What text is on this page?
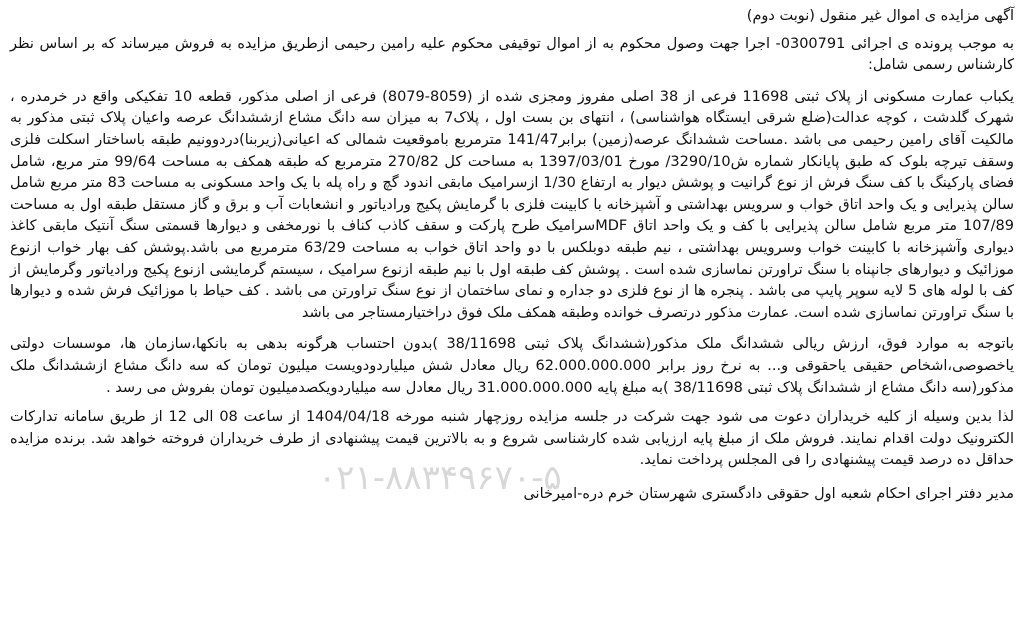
آگهی مزایده ی اموال غیر منقول (نوبت دوم)

به موجب پرونده ی اجرائی 0300791- اجرا جهت وصول محکوم به از اموال توقیفی محکوم علیه رامین رحیمی ازطریق مزایده به فروش میرساند که بر اساس نظر کارشناس رسمی شامل:

یکباب عمارت مسکونی از پلاک ثبتی 11698 فرعی از 38 اصلی مفروز ومجزی شده از (8059-8079) فرعی از اصلی مذکور، قطعه 10 تفکیکی واقع در خرمدره ، شهرک گلدشت ، کوچه عدالت(ضلع شرقی ایستگاه هواشناسی) ، انتهای بن بست اول ، پلاک7 به میزان سه دانگ مشاع ازششدانگ عرصه واعیان پلاک ثبتی مذکور به مالکیت آقای رامین رحیمی می باشد .مساحت ششدانگ عرصه(زمین) برابر141/47 مترمربع باموقعیت شمالی که اعیانی(زیربنا)دردوونیم طبقه باساختار اسکلت فلزی وسقف تیرچه بلوک که طبق پایانکار شماره ش3290/10/ مورخ 1397/03/01 به مساحت کل 270/82 مترمربع که طبقه همکف به مساحت 99/64 متر مربع، شامل فضای پارکینگ با کف سنگ فرش از نوع گرانیت و پوشش دیوار به ارتفاع 1/30 ازسرامیک مابقی اندود گچ و راه پله با یک واحد مسکونی به مساحت 83 متر مربع شامل سالن پذیرایی و یک واحد اتاق خواب و سرویس بهداشتی و آشپزخانه با کابینت فلزی با گرمایش پکیج ورادیاتور و انشعابات آب و برق و گاز مستقل طبقه اول به مساحت 107/89 متر مربع شامل سالن پذیرایی با کف و یک واحد اتاق MDFسرامیک طرح پارکت و سقف کاذب کناف با نورمخفی و دیوارها قسمتی سنگ آنتیک مابقی کاغذ دیواری وآشپزخانه با کابینت خواب وسرویس بهداشتی ، نیم طبقه دوبلکس با دو واحد اتاق خواب به مساحت 63/29 مترمربع می باشد.پوشش کف بهار خواب ازنوع موزائیک و دیوارهای جانپناه با سنگ تراورتن نماسازی شده است . پوشش کف طبقه اول با نیم طبقه ازنوع سرامیک ، سیستم گرمایشی ازنوع پکیج ورادیاتور وگرمایش از کف با لوله های 5 لایه سوپر پایپ می باشد . پنجره ها از نوع فلزی دو جداره و نمای ساختمان از نوع سنگ تراورتن می باشد . کف حیاط با موزائیک فرش شده و دیوارها با سنگ تراورتن نماسازی شده است. عمارت مذکور درتصرف خوانده وطبقه همکف ملک فوق دراختیارمستاجر می باشد

باتوجه به موارد فوق، ارزش ریالی ششدانگ ملک مذکور(ششدانگ پلاک ثبتی 38/11698 )بدون احتساب هرگونه بدهی به بانکها،سازمان ها، موسسات دولتی یاخصوصی،اشخاص حقیقی یاحقوقی و... به نرخ روز برابر 62.000.000.000 ریال معادل شش میلیاردودویست میلیون تومان که سه دانگ مشاع ازششدانگ ملک مذکور(سه دانگ مشاع از ششدانگ پلاک ثبتی 38/11698 )به مبلغ پایه 31.000.000.000 ریال معادل سه میلیاردویکصدمیلیون تومان بفروش می رسد .

لذا بدین وسیله از کلیه خریداران دعوت می شود جهت شرکت در جلسه مزایده روزچهار شنبه مورخه 1404/04/18 از ساعت 08 الی 12 از طریق سامانه تدارکات الکترونیک دولت اقدام نمایند. فروش ملک از مبلغ پایه ارزیابی شده کارشناسی شروع و به بالاترین قیمت پیشنهادی از طرف خریداران فروخته خواهد شد. برنده مزایده حداقل ده درصد قیمت پیشنهادی را فی المجلس پرداخت نماید.

مدیر دفتر اجرای احکام شعبه اول حقوقی دادگستری شهرستان خرم دره-امیرخانی

۰۲۱-۸۸۳۴۹۶۷۰-۵
